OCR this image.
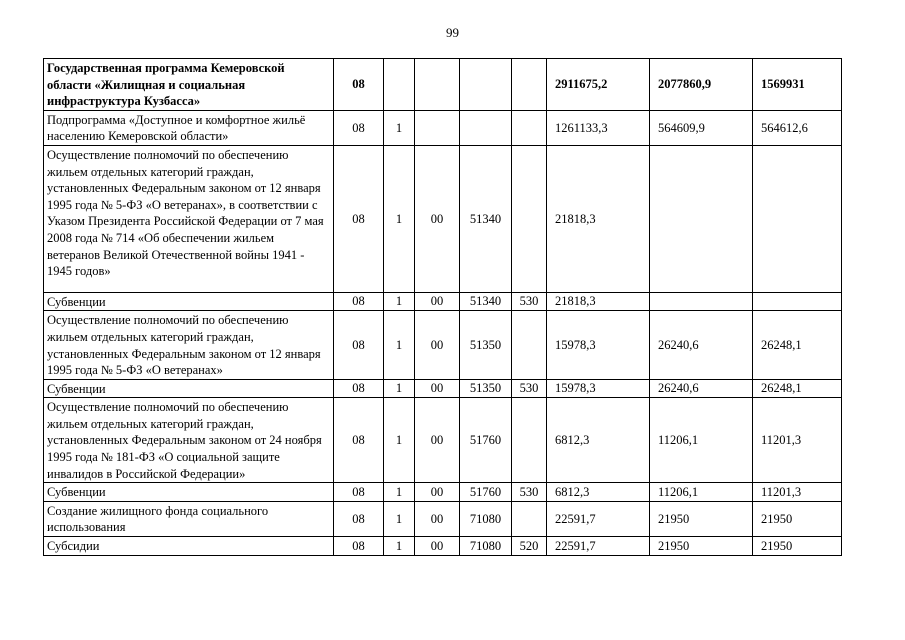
99
Государственная программа Кемеровской области «Жилищная и социальная инфраструктура Кузбасса»	08					2911675,2	2077860,9	1569931
Подпрограмма «Доступное и комфортное жильё населению Кемеровской области»	08	1				1261133,3	564609,9	564612,6
Осуществление полномочий по обеспечению жильем отдельных категорий граждан, установленных Федеральным законом от 12 января 1995 года № 5-ФЗ «О ветеранах», в соответствии с Указом Президента Российской Федерации от 7 мая 2008 года № 714 «Об обеспечении жильем ветеранов Великой Отечественной войны 1941 - 1945 годов»	08	1	00	51340		21818,3		
Субвенции	08	1	00	51340	530	21818,3		
Осуществление полномочий по обеспечению жильем отдельных категорий граждан, установленных Федеральным законом от 12 января 1995 года № 5-ФЗ «О ветеранах»	08	1	00	51350		15978,3	26240,6	26248,1
Субвенции	08	1	00	51350	530	15978,3	26240,6	26248,1
Осуществление полномочий по обеспечению жильем отдельных категорий граждан, установленных Федеральным законом от 24 ноября 1995 года № 181-ФЗ «О социальной защите инвалидов в Российской Федерации»	08	1	00	51760		6812,3	11206,1	11201,3
Субвенции	08	1	00	51760	530	6812,3	11206,1	11201,3
Создание жилищного фонда социального использования	08	1	00	71080		22591,7	21950	21950
Субсидии	08	1	00	71080	520	22591,7	21950	21950
